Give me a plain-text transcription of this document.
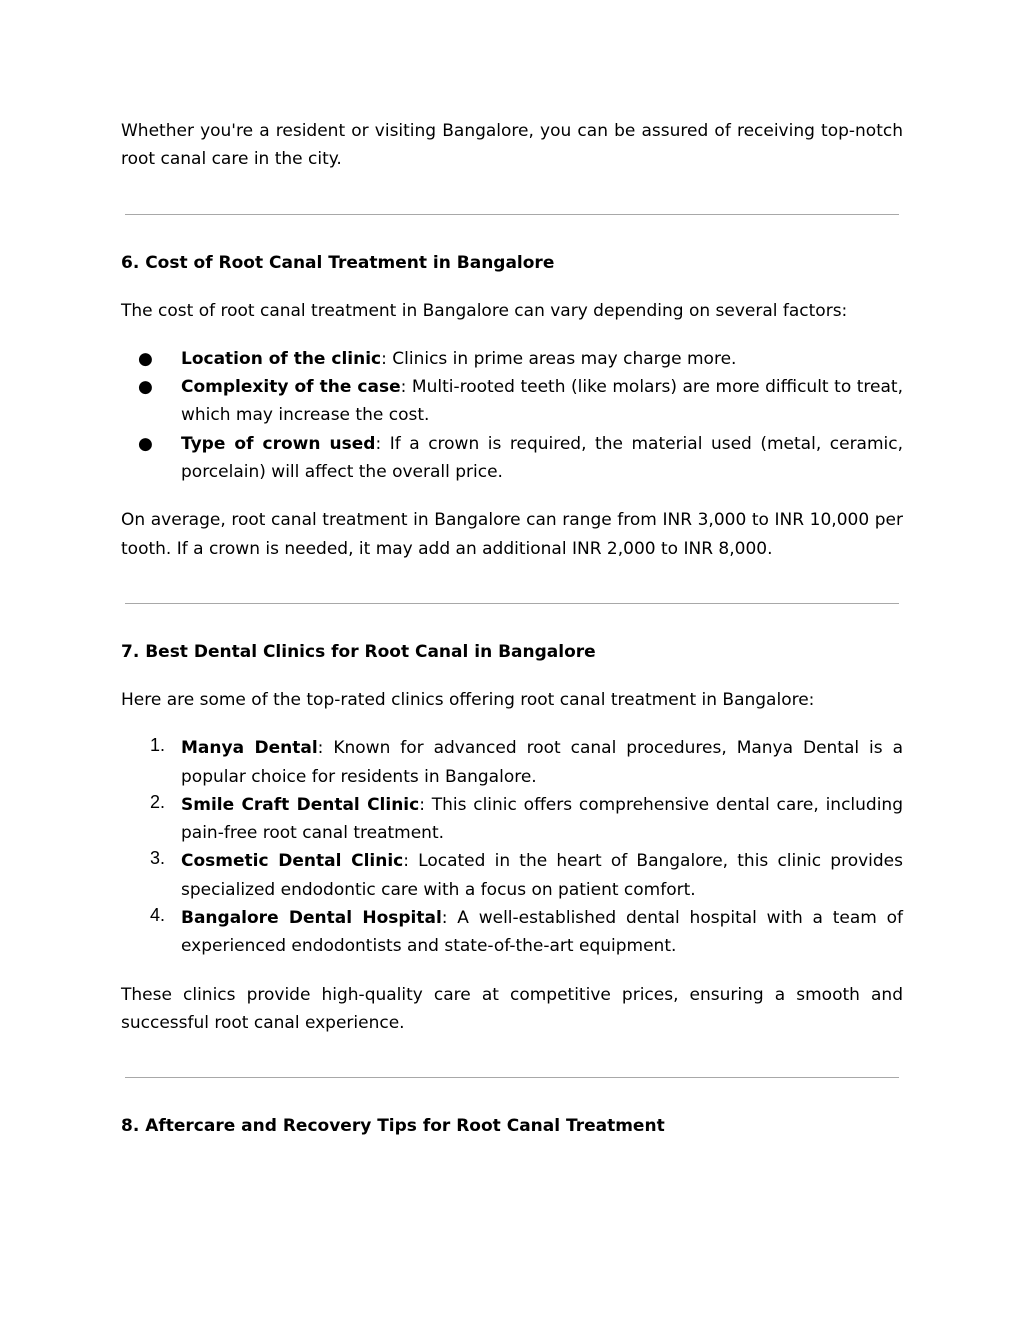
Whether you're a resident or visiting Bangalore, you can be assured of receiving top-notch root canal care in the city.

6. Cost of Root Canal Treatment in Bangalore

The cost of root canal treatment in Bangalore can vary depending on several factors:

●	Location of the clinic: Clinics in prime areas may charge more.
●	Complexity of the case: Multi-rooted teeth (like molars) are more difficult to treat, which may increase the cost.
●	Type of crown used: If a crown is required, the material used (metal, ceramic, porcelain) will affect the overall price.

On average, root canal treatment in Bangalore can range from INR 3,000 to INR 10,000 per tooth. If a crown is needed, it may add an additional INR 2,000 to INR 8,000.

7. Best Dental Clinics for Root Canal in Bangalore

Here are some of the top-rated clinics offering root canal treatment in Bangalore:

1. Manya Dental: Known for advanced root canal procedures, Manya Dental is a popular choice for residents in Bangalore.
2. Smile Craft Dental Clinic: This clinic offers comprehensive dental care, including pain-free root canal treatment.
3. Cosmetic Dental Clinic: Located in the heart of Bangalore, this clinic provides specialized endodontic care with a focus on patient comfort.
4. Bangalore Dental Hospital: A well-established dental hospital with a team of experienced endodontists and state-of-the-art equipment.

These clinics provide high-quality care at competitive prices, ensuring a smooth and successful root canal experience.

8. Aftercare and Recovery Tips for Root Canal Treatment
